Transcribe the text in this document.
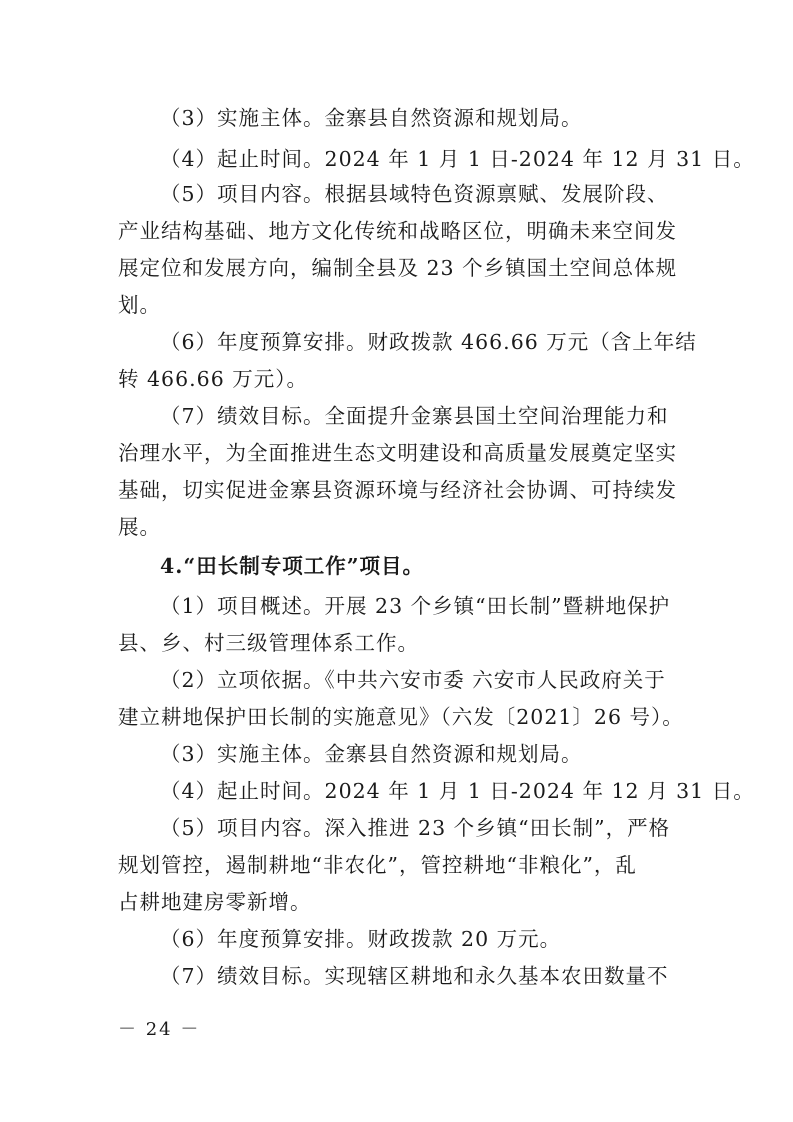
（3）实施主体。金寨县自然资源和规划局。
（4）起止时间。2024 年 1 月 1 日-2024 年 12 月 31 日。
（5）项目内容。根据县域特色资源禀赋、发展阶段、
产业结构基础、地方文化传统和战略区位，明确未来空间发
展定位和发展方向，编制全县及 23 个乡镇国土空间总体规
划。
（6）年度预算安排。财政拨款 466.66 万元（含上年结
转 466.66 万元）。
（7）绩效目标。全面提升金寨县国土空间治理能力和
治理水平，为全面推进生态文明建设和高质量发展奠定坚实
基础，切实促进金寨县资源环境与经济社会协调、可持续发
展。
4.“田长制专项工作”项目。
（1）项目概述。开展 23 个乡镇“田长制”暨耕地保护
县、乡、村三级管理体系工作。
（2）立项依据。《中共六安市委 六安市人民政府关于
建立耕地保护田长制的实施意见》（六发〔2021〕26 号）。
（3）实施主体。金寨县自然资源和规划局。
（4）起止时间。2024 年 1 月 1 日-2024 年 12 月 31 日。
（5）项目内容。深入推进 23 个乡镇“田长制”，严格
规划管控，遏制耕地“非农化”，管控耕地“非粮化”，乱
占耕地建房零新增。
（6）年度预算安排。财政拨款 20 万元。
（7）绩效目标。实现辖区耕地和永久基本农田数量不
－ 24 －
